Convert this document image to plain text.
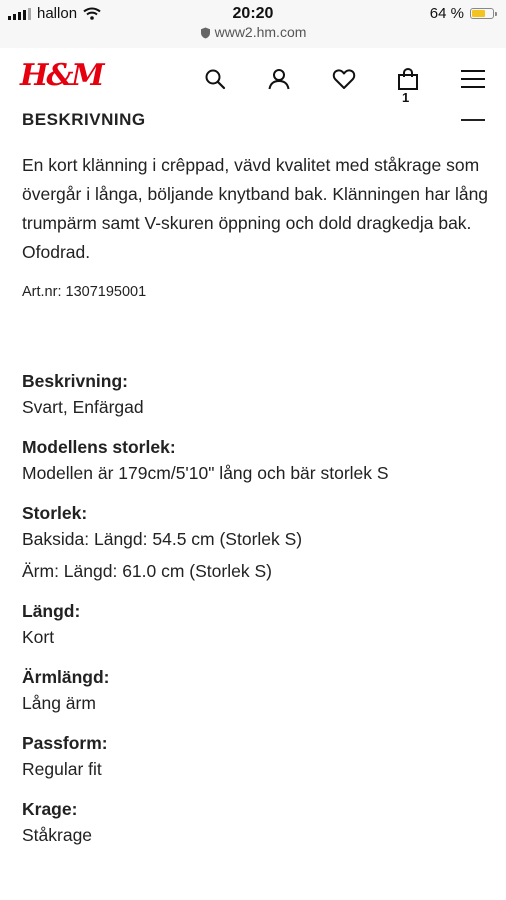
hallon	20:20
www2.hm.com
64 %
H&M
1
BESKRIVNING
En kort klänning i crêppad, vävd kvalitet med ståkrage som övergår i långa, böljande knytband bak. Klänningen har lång trumpärm samt V-skuren öppning och dold dragkedja bak. Ofodrad.
Art.nr: 1307195001
Beskrivning:
Svart, Enfärgad
Modellens storlek:
Modellen är 179cm/5'10" lång och bär storlek S
Storlek:
Baksida: Längd: 54.5 cm (Storlek S)
Ärm: Längd: 61.0 cm (Storlek S)
Längd:
Kort
Ärmlängd:
Lång ärm
Passform:
Regular fit
Krage:
Ståkrage
